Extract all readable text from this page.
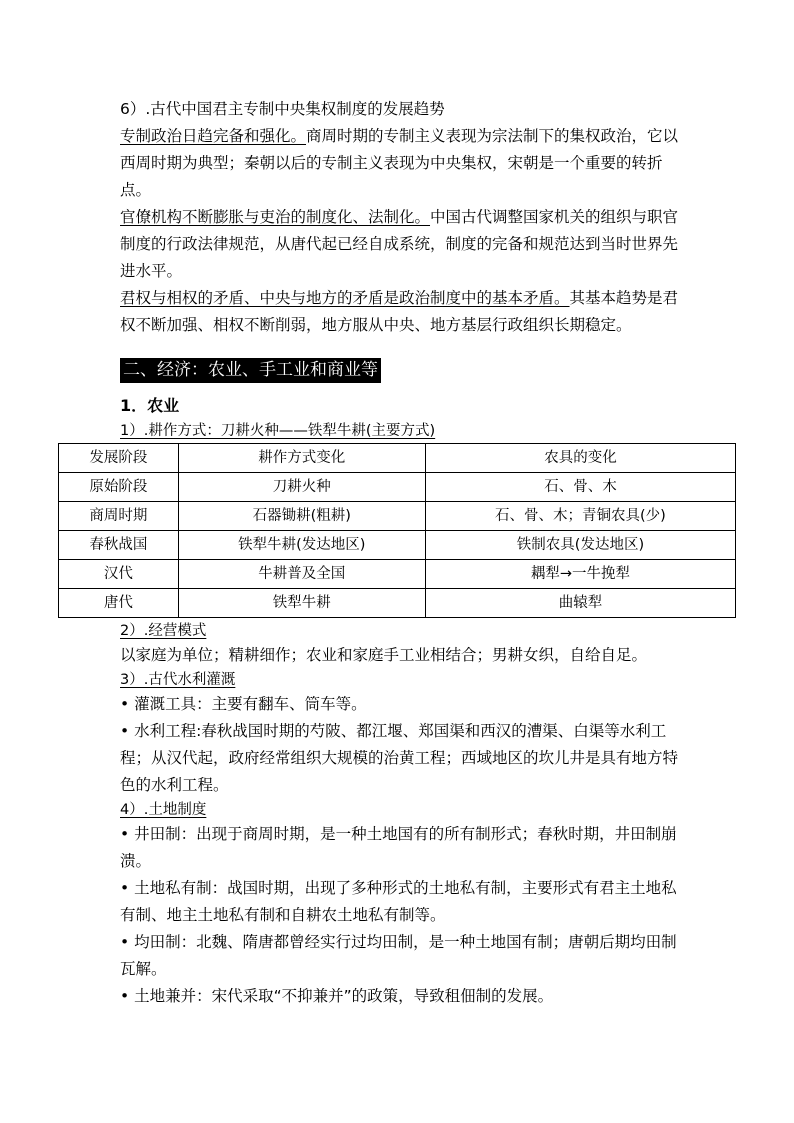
6）.古代中国君主专制中央集权制度的发展趋势

专制政治日趋完备和强化。商周时期的专制主义表现为宗法制下的集权政治，它以西周时期为典型；秦朝以后的专制主义表现为中央集权，宋朝是一个重要的转折点。

官僚机构不断膨胀与吏治的制度化、法制化。中国古代调整国家机关的组织与职官制度的行政法律规范，从唐代起已经自成系统，制度的完备和规范达到当时世界先进水平。

君权与相权的矛盾、中央与地方的矛盾是政治制度中的基本矛盾。其基本趋势是君权不断加强、相权不断削弱，地方服从中央、地方基层行政组织长期稳定。

二、经济：农业、手工业和商业等

1．农业

1）.耕作方式：刀耕火种——铁犁牛耕(主要方式)

发展阶段	耕作方式变化	农具的变化
原始阶段	刀耕火种	石、骨、木
商周时期	石器锄耕(粗耕)	石、骨、木；青铜农具(少)
春秋战国	铁犁牛耕(发达地区)	铁制农具(发达地区)
汉代	牛耕普及全国	耦犁→一牛挽犁
唐代	铁犁牛耕	曲辕犁

2）.经营模式

以家庭为单位；精耕细作；农业和家庭手工业相结合；男耕女织，自给自足。

3）.古代水利灌溉

• 灌溉工具：主要有翻车、筒车等。

• 水利工程:春秋战国时期的芍陂、都江堰、郑国渠和西汉的漕渠、白渠等水利工程；从汉代起，政府经常组织大规模的治黄工程；西域地区的坎儿井是具有地方特色的水利工程。

4）.土地制度

• 井田制：出现于商周时期，是一种土地国有的所有制形式；春秋时期，井田制崩溃。

• 土地私有制：战国时期，出现了多种形式的土地私有制，主要形式有君主土地私有制、地主土地私有制和自耕农土地私有制等。

• 均田制：北魏、隋唐都曾经实行过均田制，是一种土地国有制；唐朝后期均田制瓦解。

• 土地兼并：宋代采取“不抑兼并”的政策，导致租佃制的发展。
